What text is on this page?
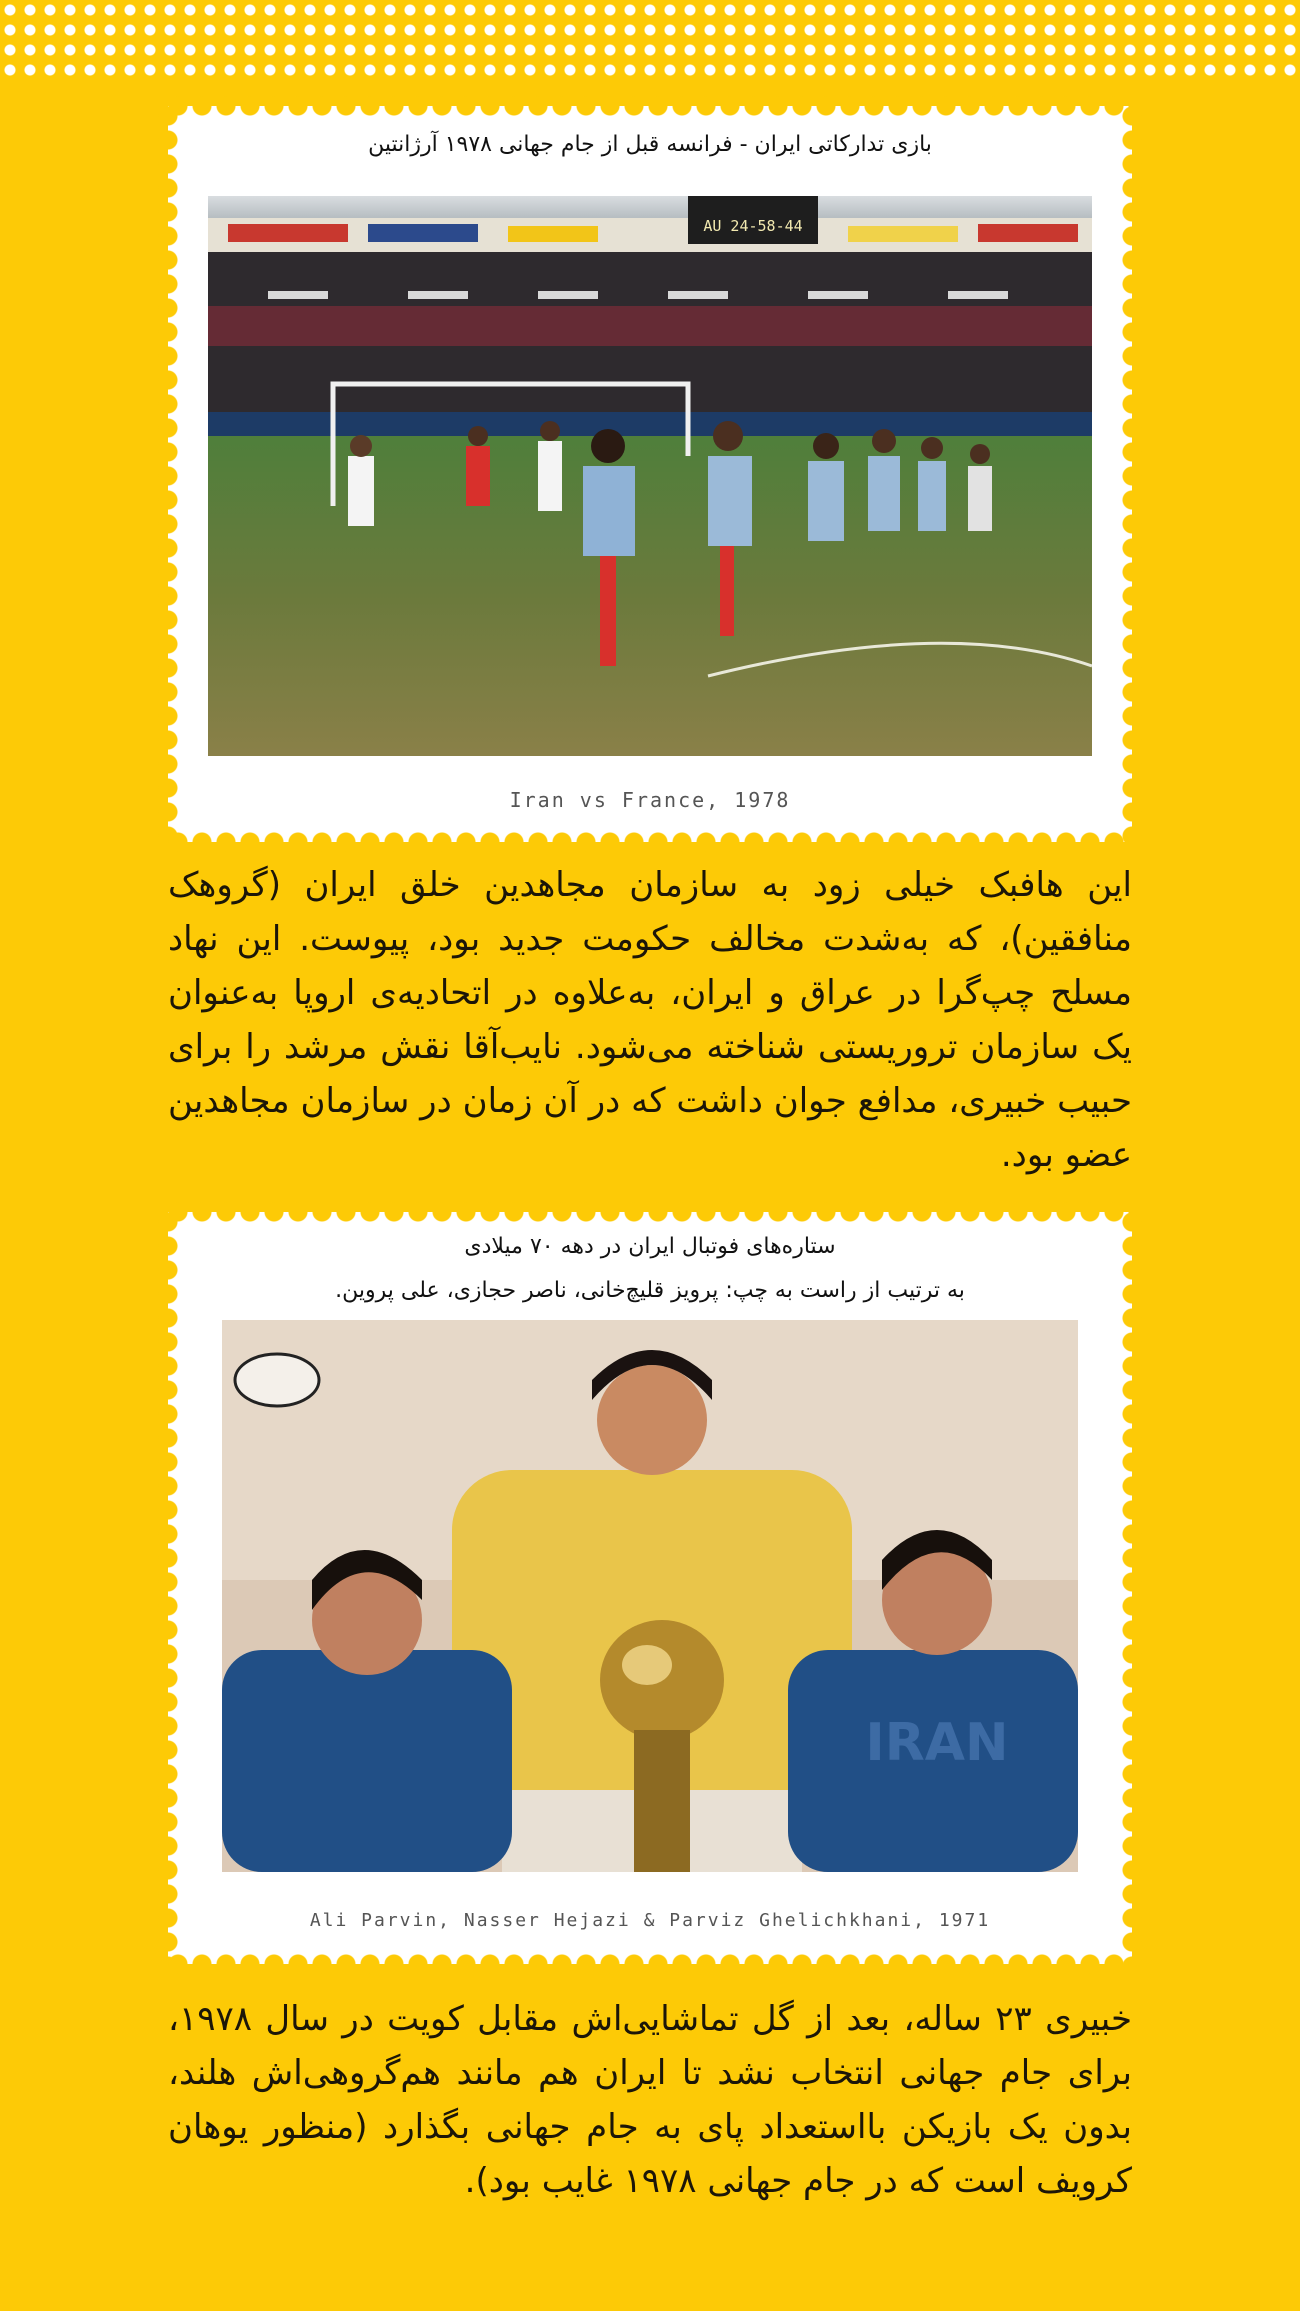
بازی تدارکاتی ایران - فرانسه قبل از جام جهانی ۱۹۷۸ آرژانتین
AU 24-58-44
Iran vs France, 1978
این هافبک خیلی زود به سازمان مجاهدین خلق ایران (گروهک منافقین)، که به‌شدت مخالف حکومت جدید بود، پیوست. این نهاد مسلح چپ‌گرا در عراق و ایران، به‌علاوه در اتحادیه‌ی اروپا به‌عنوان یک سازمان تروریستی شناخته می‌شود. نایب‌آقا نقش مرشد را برای حبیب خبیری، مدافع جوان داشت که در آن زمان در سازمان مجاهدین عضو بود.
ستاره‌های فوتبال ایران در دهه ۷۰ میلادی
به ترتیب از راست به چپ: پرویز قلیچ‌خانی، ناصر حجازی، علی پروین.
IRAN
Ali Parvin, Nasser Hejazi & Parviz Ghelichkhani, 1971
خبیری ۲۳ ساله، بعد از گل تماشایی‌اش مقابل کویت در سال ۱۹۷۸، برای جام جهانی انتخاب نشد تا ایران هم مانند هم‌گروهی‌اش هلند، بدون یک بازیکن بااستعداد پای به جام جهانی بگذارد (منظور یوهان کرویف است که در جام جهانی ۱۹۷۸ غایب بود).
